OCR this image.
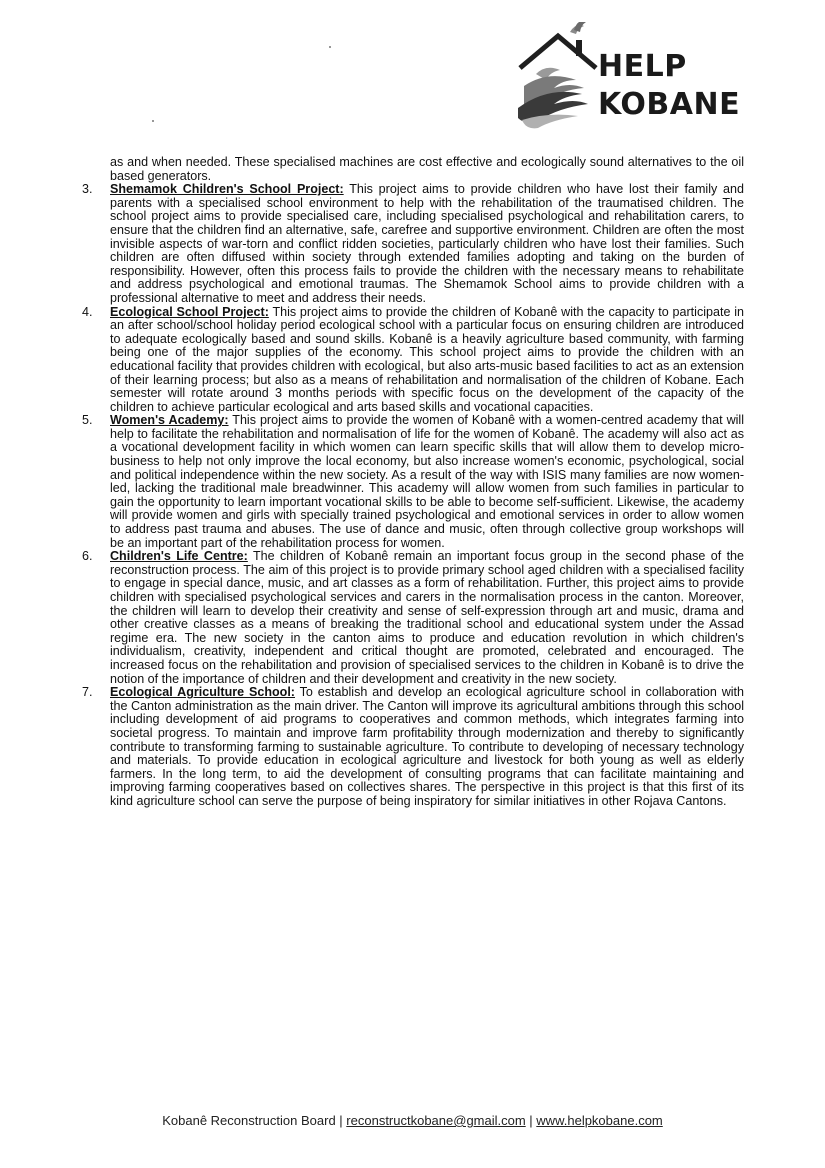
HELP
KOBANE

as and when needed. These specialised machines are cost effective and ecologically sound alternatives to the oil based generators.

3.	Shemamok Children's School Project: This project aims to provide children who have lost their family and parents with a specialised school environment to help with the rehabilitation of the traumatised children. The school project aims to provide specialised care, including specialised psychological and rehabilitation carers, to ensure that the children find an alternative, safe, carefree and supportive environment. Children are often the most invisible aspects of war-torn and conflict ridden societies, particularly children who have lost their families. Such children are often diffused within society through extended families adopting and taking on the burden of responsibility. However, often this process fails to provide the children with the necessary means to rehabilitate and address psychological and emotional traumas. The Shemamok School aims to provide children with a professional alternative to meet and address their needs.
4.	Ecological School Project: This project aims to provide the children of Kobanê with the capacity to participate in an after school/school holiday period ecological school with a particular focus on ensuring children are introduced to adequate ecologically based and sound skills. Kobanê is a heavily agriculture based community, with farming being one of the major supplies of the economy. This school project aims to provide the children with an educational facility that provides children with ecological, but also arts-music based facilities to act as an extension of their learning process; but also as a means of rehabilitation and normalisation of the children of Kobane. Each semester will rotate around 3 months periods with specific focus on the development of the capacity of the children to achieve particular ecological and arts based skills and vocational capacities.
5.	Women's Academy: This project aims to provide the women of Kobanê with a women-centred academy that will help to facilitate the rehabilitation and normalisation of life for the women of Kobanê. The academy will also act as a vocational development facility in which women can learn specific skills that will allow them to develop micro-business to help not only improve the local economy, but also increase women's economic, psychological, social and political independence within the new society. As a result of the way with ISIS many families are now women-led, lacking the traditional male breadwinner. This academy will allow women from such families in particular to gain the opportunity to learn important vocational skills to be able to become self-sufficient. Likewise, the academy will provide women and girls with specially trained psychological and emotional services in order to allow women to address past trauma and abuses. The use of dance and music, often through collective group workshops will be an important part of the rehabilitation process for women.
6.	Children's Life Centre: The children of Kobanê remain an important focus group in the second phase of the reconstruction process. The aim of this project is to provide primary school aged children with a specialised facility to engage in special dance, music, and art classes as a form of rehabilitation. Further, this project aims to provide children with specialised psychological services and carers in the normalisation process in the canton. Moreover, the children will learn to develop their creativity and sense of self-expression through art and music, drama and other creative classes as a means of breaking the traditional school and educational system under the Assad regime era. The new society in the canton aims to produce and education revolution in which children's individualism, creativity, independent and critical thought are promoted, celebrated and encouraged. The increased focus on the rehabilitation and provision of specialised services to the children in Kobanê is to drive the notion of the importance of children and their development and creativity in the new society.
7.	Ecological Agriculture School: To establish and develop an ecological agriculture school in collaboration with the Canton administration as the main driver. The Canton will improve its agricultural ambitions through this school including development of aid programs to cooperatives and common methods, which integrates farming into societal progress. To maintain and improve farm profitability through modernization and thereby to significantly contribute to transforming farming to sustainable agriculture. To contribute to developing of necessary technology and materials. To provide education in ecological agriculture and livestock for both young as well as elderly farmers. In the long term, to aid the development of consulting programs that can facilitate maintaining and improving farming cooperatives based on collectives shares. The perspective in this project is that this first of its kind agriculture school can serve the purpose of being inspiratory for similar initiatives in other Rojava Cantons.
Kobanê Reconstruction Board | reconstructkobane@gmail.com | www.helpkobane.com
